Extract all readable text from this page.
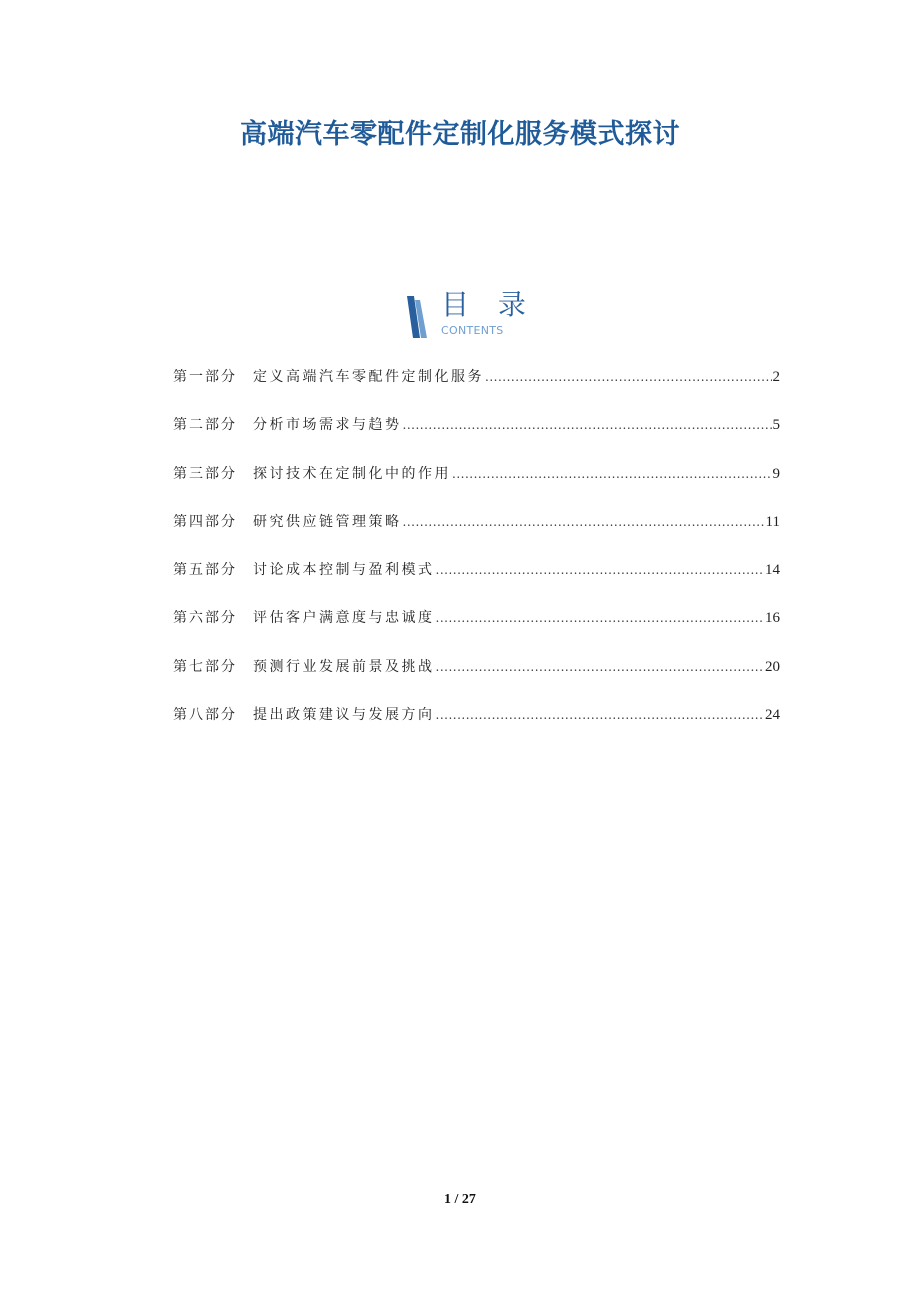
高端汽车零配件定制化服务模式探讨
目 录
CONTENTS
第一部分	定义高端汽车零配件定制化服务 .....	2
第二部分	分析市场需求与趋势 .....	5
第三部分	探讨技术在定制化中的作用 .....	9
第四部分	研究供应链管理策略 .....	11
第五部分	讨论成本控制与盈利模式 .....	14
第六部分	评估客户满意度与忠诚度 .....	16
第七部分	预测行业发展前景及挑战 .....	20
第八部分	提出政策建议与发展方向 .....	24
1 / 27
